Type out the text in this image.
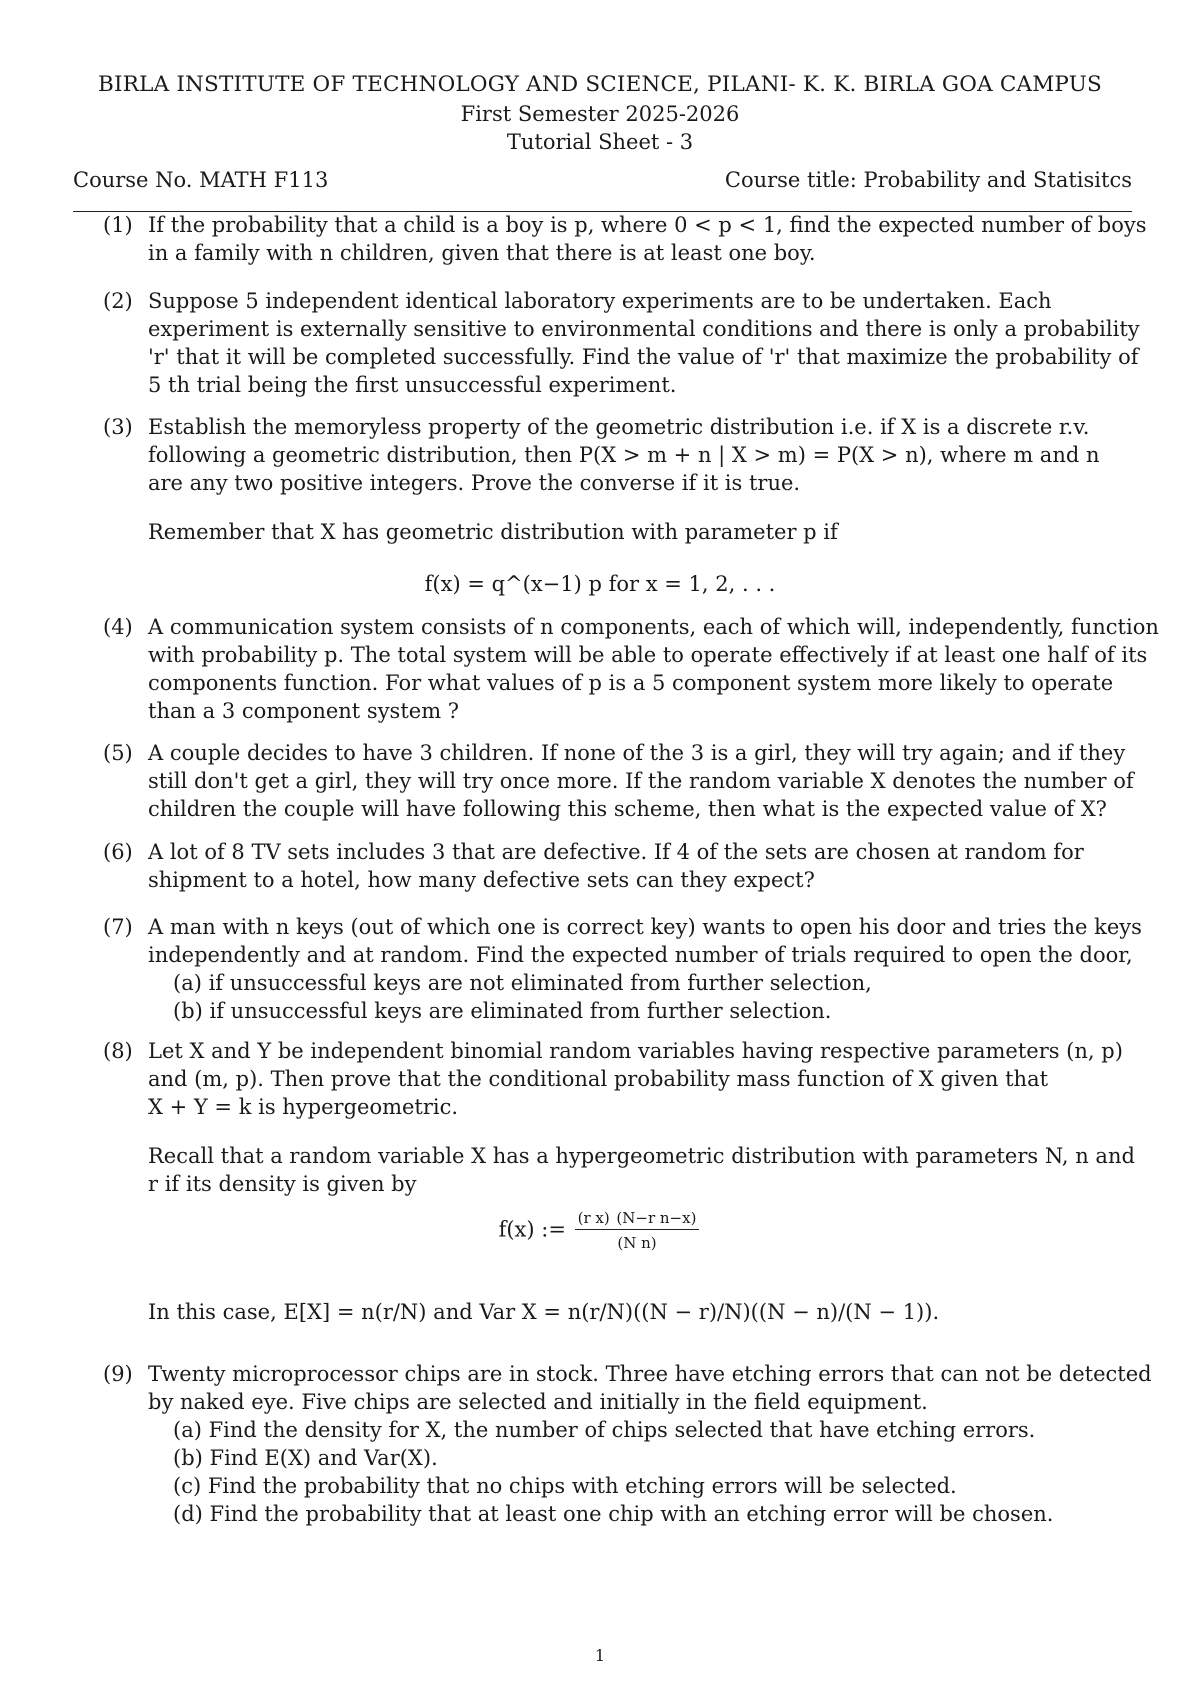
BIRLA INSTITUTE OF TECHNOLOGY AND SCIENCE, PILANI- K. K. BIRLA GOA CAMPUS
First Semester 2025-2026
Tutorial Sheet - 3
Course No. MATH F113	Course title: Probability and Statisitcs
(1) If the probability that a child is a boy is p, where 0 < p < 1, find the expected number of boys
in a family with n children, given that there is at least one boy.
(2) Suppose 5 independent identical laboratory experiments are to be undertaken. Each
experiment is externally sensitive to environmental conditions and there is only a probability
'r' that it will be completed successfully. Find the value of 'r' that maximize the probability of
5 th trial being the first unsuccessful experiment.
(3) Establish the memoryless property of the geometric distribution i.e. if X is a discrete r.v.
following a geometric distribution, then P(X > m + n | X > m) = P(X > n), where m and n
are any two positive integers. Prove the converse if it is true.
Remember that X has geometric distribution with parameter p if
f(x) = q^(x−1) p for x = 1, 2, . . .
(4) A communication system consists of n components, each of which will, independently, function
with probability p. The total system will be able to operate effectively if at least one half of its
components function. For what values of p is a 5 component system more likely to operate
than a 3 component system ?
(5) A couple decides to have 3 children. If none of the 3 is a girl, they will try again; and if they
still don't get a girl, they will try once more. If the random variable X denotes the number of
children the couple will have following this scheme, then what is the expected value of X?
(6) A lot of 8 TV sets includes 3 that are defective. If 4 of the sets are chosen at random for
shipment to a hotel, how many defective sets can they expect?
(7) A man with n keys (out of which one is correct key) wants to open his door and tries the keys
independently and at random. Find the expected number of trials required to open the door,
(a) if unsuccessful keys are not eliminated from further selection,
(b) if unsuccessful keys are eliminated from further selection.
(8) Let X and Y be independent binomial random variables having respective parameters (n, p)
and (m, p). Then prove that the conditional probability mass function of X given that
X + Y = k is hypergeometric.
Recall that a random variable X has a hypergeometric distribution with parameters N, n and
r if its density is given by
f(x) := $\frac{\text{(r x) (N−r n−x)}}{\text{(N n)}}$
In this case, E[X] = n(r/N) and Var X = n(r/N)((N − r)/N)((N − n)/(N − 1)).
(9) Twenty microprocessor chips are in stock. Three have etching errors that can not be detected
by naked eye. Five chips are selected and initially in the field equipment.
(a) Find the density for X, the number of chips selected that have etching errors.
(b) Find E(X) and Var(X).
(c) Find the probability that no chips with etching errors will be selected.
(d) Find the probability that at least one chip with an etching error will be chosen.
1
